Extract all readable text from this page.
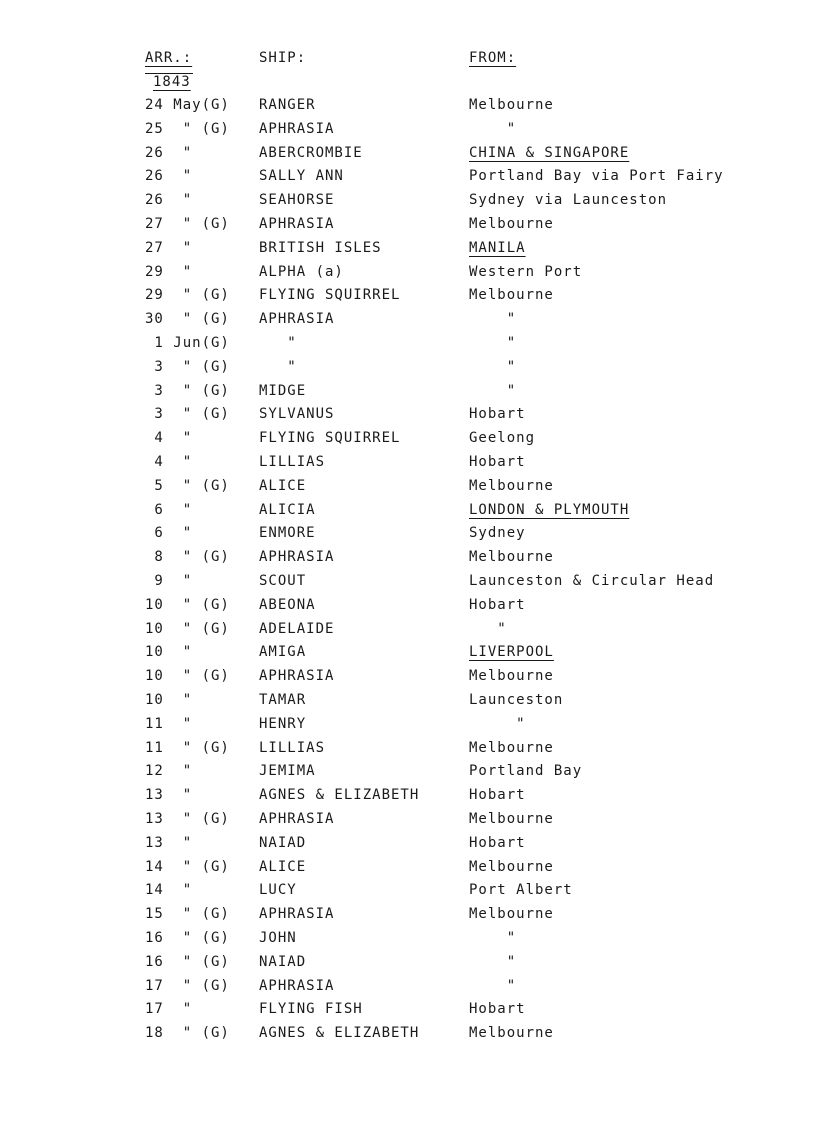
ARR.:	SHIP:	FROM:
1843
24 May(G) RANGER	Melbourne
25  " (G) APHRASIA	"
26  "	ABERCROMBIE	CHINA & SINGAPORE
26  "	SALLY ANN	Portland Bay via Port Fairy
26  "	SEAHORSE	Sydney via Launceston
27  " (G) APHRASIA	Melbourne
27  "	BRITISH ISLES	MANILA
29  "	ALPHA (a)	Western Port
29  " (G) FLYING SQUIRREL	Melbourne
30  " (G) APHRASIA	"
1 Jun(G) "	"
3  " (G) "	"
3  " (G) MIDGE	"
3  " (G) SYLVANUS	Hobart
4  "	FLYING SQUIRREL	Geelong
4  "	LILLIAS	Hobart
5  " (G) ALICE	Melbourne
6  "	ALICIA	LONDON & PLYMOUTH
6  "	ENMORE	Sydney
8  " (G) APHRASIA	Melbourne
9  "	SCOUT	Launceston & Circular Head
10  " (G) ABEONA	Hobart
10  " (G) ADELAIDE	"
10  "	AMIGA	LIVERPOOL
10  " (G) APHRASIA	Melbourne
10  "	TAMAR	Launceston
11  "	HENRY	"
11  " (G) LILLIAS	Melbourne
12  "	JEMIMA	Portland Bay
13  "	AGNES & ELIZABETH	Hobart
13  " (G) APHRASIA	Melbourne
13  "	NAIAD	Hobart
14  " (G) ALICE	Melbourne
14  "	LUCY	Port Albert
15  " (G) APHRASIA	Melbourne
16  " (G) JOHN	"
16  " (G) NAIAD	"
17  " (G) APHRASIA	"
17  "	FLYING FISH	Hobart
18  " (G) AGNES & ELIZABETH	Melbourne
